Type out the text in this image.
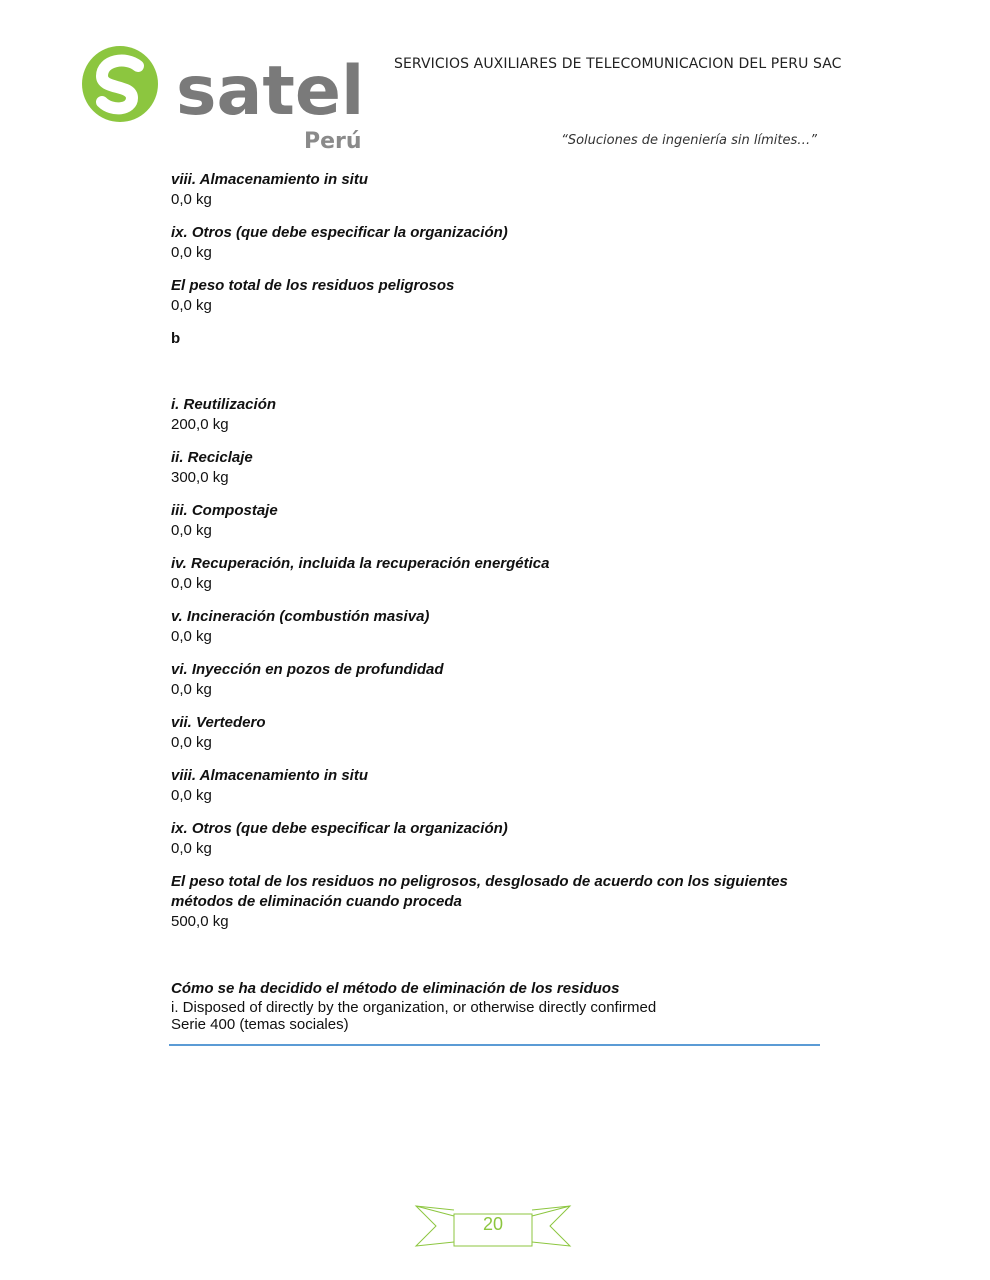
satel
Perú
SERVICIOS AUXILIARES DE TELECOMUNICACION DEL PERU SAC
“Soluciones de ingeniería sin límites…”
viii. Almacenamiento in situ
0,0 kg
ix. Otros (que debe especificar la organización)
0,0 kg
El peso total de los residuos peligrosos
0,0 kg
b
i. Reutilización
200,0 kg
ii. Reciclaje
300,0 kg
iii. Compostaje
0,0 kg
iv. Recuperación, incluida la recuperación energética
0,0 kg
v. Incineración (combustión masiva)
0,0 kg
vi. Inyección en pozos de profundidad
0,0 kg
vii. Vertedero
0,0 kg
viii. Almacenamiento in situ
0,0 kg
ix. Otros (que debe especificar la organización)
0,0 kg
El peso total de los residuos no peligrosos, desglosado de acuerdo con los siguientes métodos de eliminación cuando proceda
500,0 kg
Cómo se ha decidido el método de eliminación de los residuos
i. Disposed of directly by the organization, or otherwise directly confirmed
Serie 400 (temas sociales)
20
